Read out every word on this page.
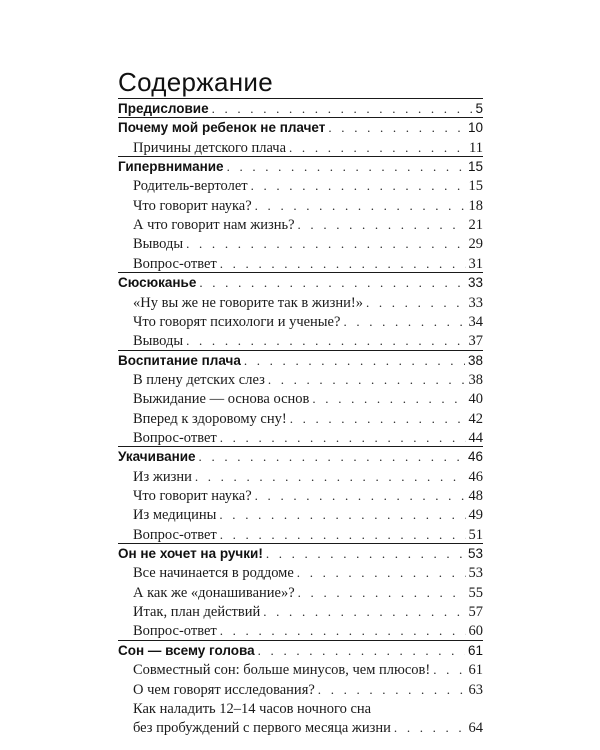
Содержание
Предисловие . . .	5
Почему мой ребенок не плачет . . .	10
Причины детского плача . . .	11
Гипервнимание . . .	15
Родитель-вертолет . . .	15
Что говорит наука? . . .	18
А что говорит нам жизнь? . . .	21
Выводы . . .	29
Вопрос-ответ . . .	31
Сюсюканье . . .	33
«Ну вы же не говорите так в жизни!» . . .	33
Что говорят психологи и ученые? . . .	34
Выводы . . .	37
Воспитание плача . . .	38
В плену детских слез . . .	38
Выжидание — основа основ . . .	40
Вперед к здоровому сну! . . .	42
Вопрос-ответ . . .	44
Укачивание . . .	46
Из жизни . . .	46
Что говорит наука? . . .	48
Из медицины . . .	49
Вопрос-ответ . . .	51
Он не хочет на ручки! . . .	53
Все начинается в роддоме . . .	53
А как же «донашивание»? . . .	55
Итак, план действий . . .	57
Вопрос-ответ . . .	60
Сон — всему голова . . .	61
Совместный сон: больше минусов, чем плюсов! . . .	61
О чем говорят исследования? . . .	63
Как наладить 12–14 часов ночного сна
без пробуждений с первого месяца жизни . . .	64
